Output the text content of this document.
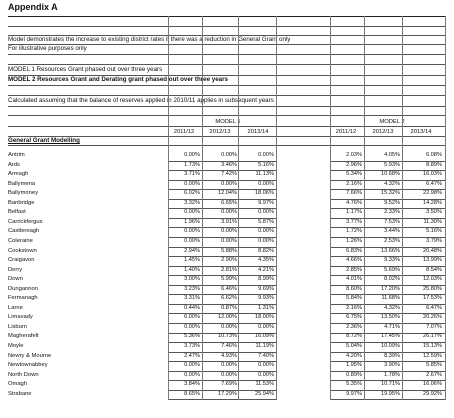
Appendix A
Model demonstrates the increase to existing district rates if there was a reduction in General Grant only
For illustrative purposes only
MODEL 1 Resources Grant phased out over three years
MODEL 2 Resources Grant and Derating grant phased out over three years
Calculated assuming that the balance of reserves applied in 2010/11 applies in subsequent years
MODEL 1	MODEL 2
General Grant Modelling
2011/12	2012/13	2013/14	2011/12	2012/13	2013/14
Antrim	0.00%	0.00%	0.00%	2.03%	4.05%	6.08%
Ards	1.73%	3.46%	5.16%	2.96%	5.93%	8.89%
Armagh	3.71%	7.42%	11.13%	5.34%	10.68%	16.03%
Ballymena	0.00%	0.00%	0.00%	2.16%	4.32%	6.47%
Ballymoney	6.02%	12.04%	18.06%	7.66%	15.32%	22.98%
Banbridge	3.32%	6.65%	9.97%	4.76%	9.52%	14.28%
Belfast	0.00%	0.00%	0.00%	1.17%	2.33%	3.50%
Carrickfergus	1.96%	3.91%	5.87%	3.77%	7.53%	11.30%
Castlereagh	0.00%	0.00%	0.00%	1.72%	3.44%	5.16%
Coleraine	0.00%	0.00%	0.00%	1.26%	2.53%	3.79%
Cookstown	2.94%	5.88%	8.82%	6.83%	13.66%	20.48%
Craigavon	1.45%	2.90%	4.35%	4.66%	9.33%	13.99%
Derry	1.40%	2.81%	4.21%	2.85%	5.69%	8.54%
Down	3.00%	5.99%	8.99%	4.01%	8.02%	12.03%
Dungannon	3.23%	6.46%	9.69%	8.60%	17.20%	25.80%
Fermanagh	3.31%	6.62%	9.93%	5.84%	11.68%	17.53%
Larne	0.44%	0.87%	1.31%	2.16%	4.32%	6.47%
Limavady	6.00%	12.00%	18.00%	6.75%	13.50%	20.26%
Lisburn	0.00%	0.00%	0.00%	2.36%	4.71%	7.07%
Magherafelt	5.36%	10.73%	16.09%	8.72%	17.45%	26.17%
Moyle	3.73%	7.46%	11.19%	5.04%	10.09%	15.13%
Newry & Mourne	2.47%	4.93%	7.40%	4.20%	8.39%	12.59%
Newtownabbey	0.00%	0.00%	0.00%	1.95%	3.90%	5.85%
North Down	0.00%	0.00%	0.00%	0.89%	1.78%	2.67%
Omagh	3.84%	7.69%	11.53%	5.35%	10.71%	16.06%
Strabane	8.65%	17.29%	25.94%	9.97%	19.95%	29.92%
